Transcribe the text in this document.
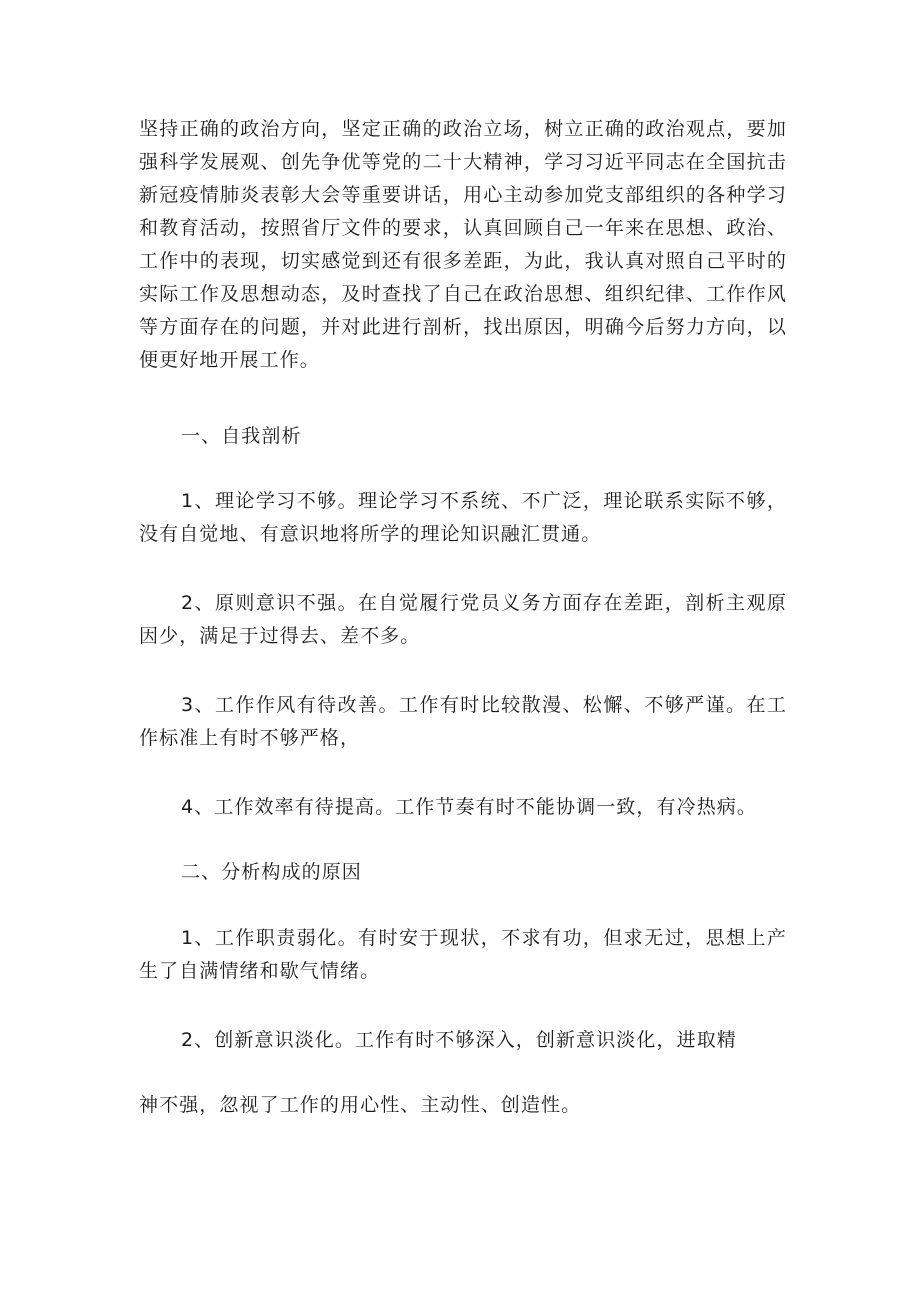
坚持正确的政治方向，坚定正确的政治立场，树立正确的政治观点，要加强科学发展观、创先争优等党的二十大精神，学习习近平同志在全国抗击新冠疫情肺炎表彰大会等重要讲话，用心主动参加党支部组织的各种学习和教育活动，按照省厅文件的要求，认真回顾自己一年来在思想、政治、工作中的表现，切实感觉到还有很多差距，为此，我认真对照自己平时的实际工作及思想动态，及时查找了自己在政治思想、组织纪律、工作作风等方面存在的问题，并对此进行剖析，找出原因，明确今后努力方向，以便更好地开展工作。

一、自我剖析

1、理论学习不够。理论学习不系统、不广泛，理论联系实际不够，没有自觉地、有意识地将所学的理论知识融汇贯通。

2、原则意识不强。在自觉履行党员义务方面存在差距，剖析主观原因少，满足于过得去、差不多。

3、工作作风有待改善。工作有时比较散漫、松懈、不够严谨。在工作标准上有时不够严格，

4、工作效率有待提高。工作节奏有时不能协调一致，有冷热病。

二、分析构成的原因

1、工作职责弱化。有时安于现状，不求有功，但求无过，思想上产生了自满情绪和歇气情绪。

2、创新意识淡化。工作有时不够深入，创新意识淡化，进取精

神不强，忽视了工作的用心性、主动性、创造性。
